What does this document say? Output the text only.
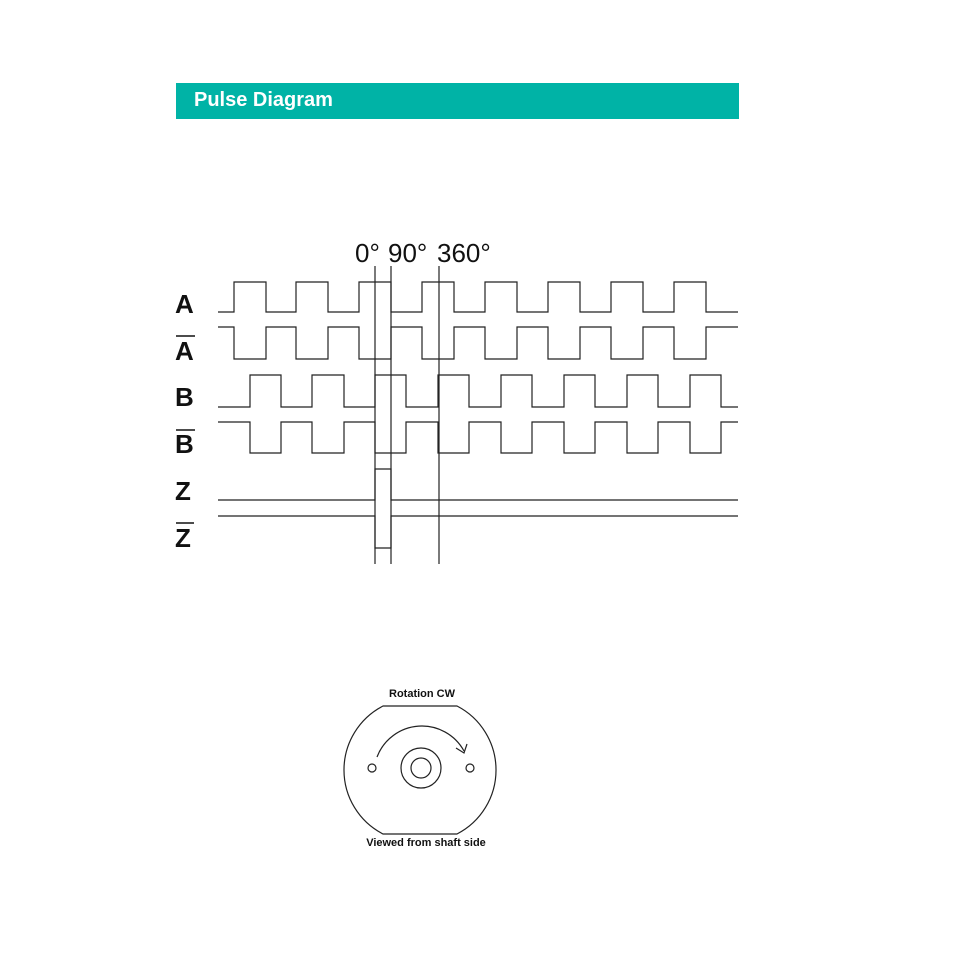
Pulse Diagram
0° 90° 360°
A
A
B
B
Z
Z
Rotation CW
Viewed from shaft side
